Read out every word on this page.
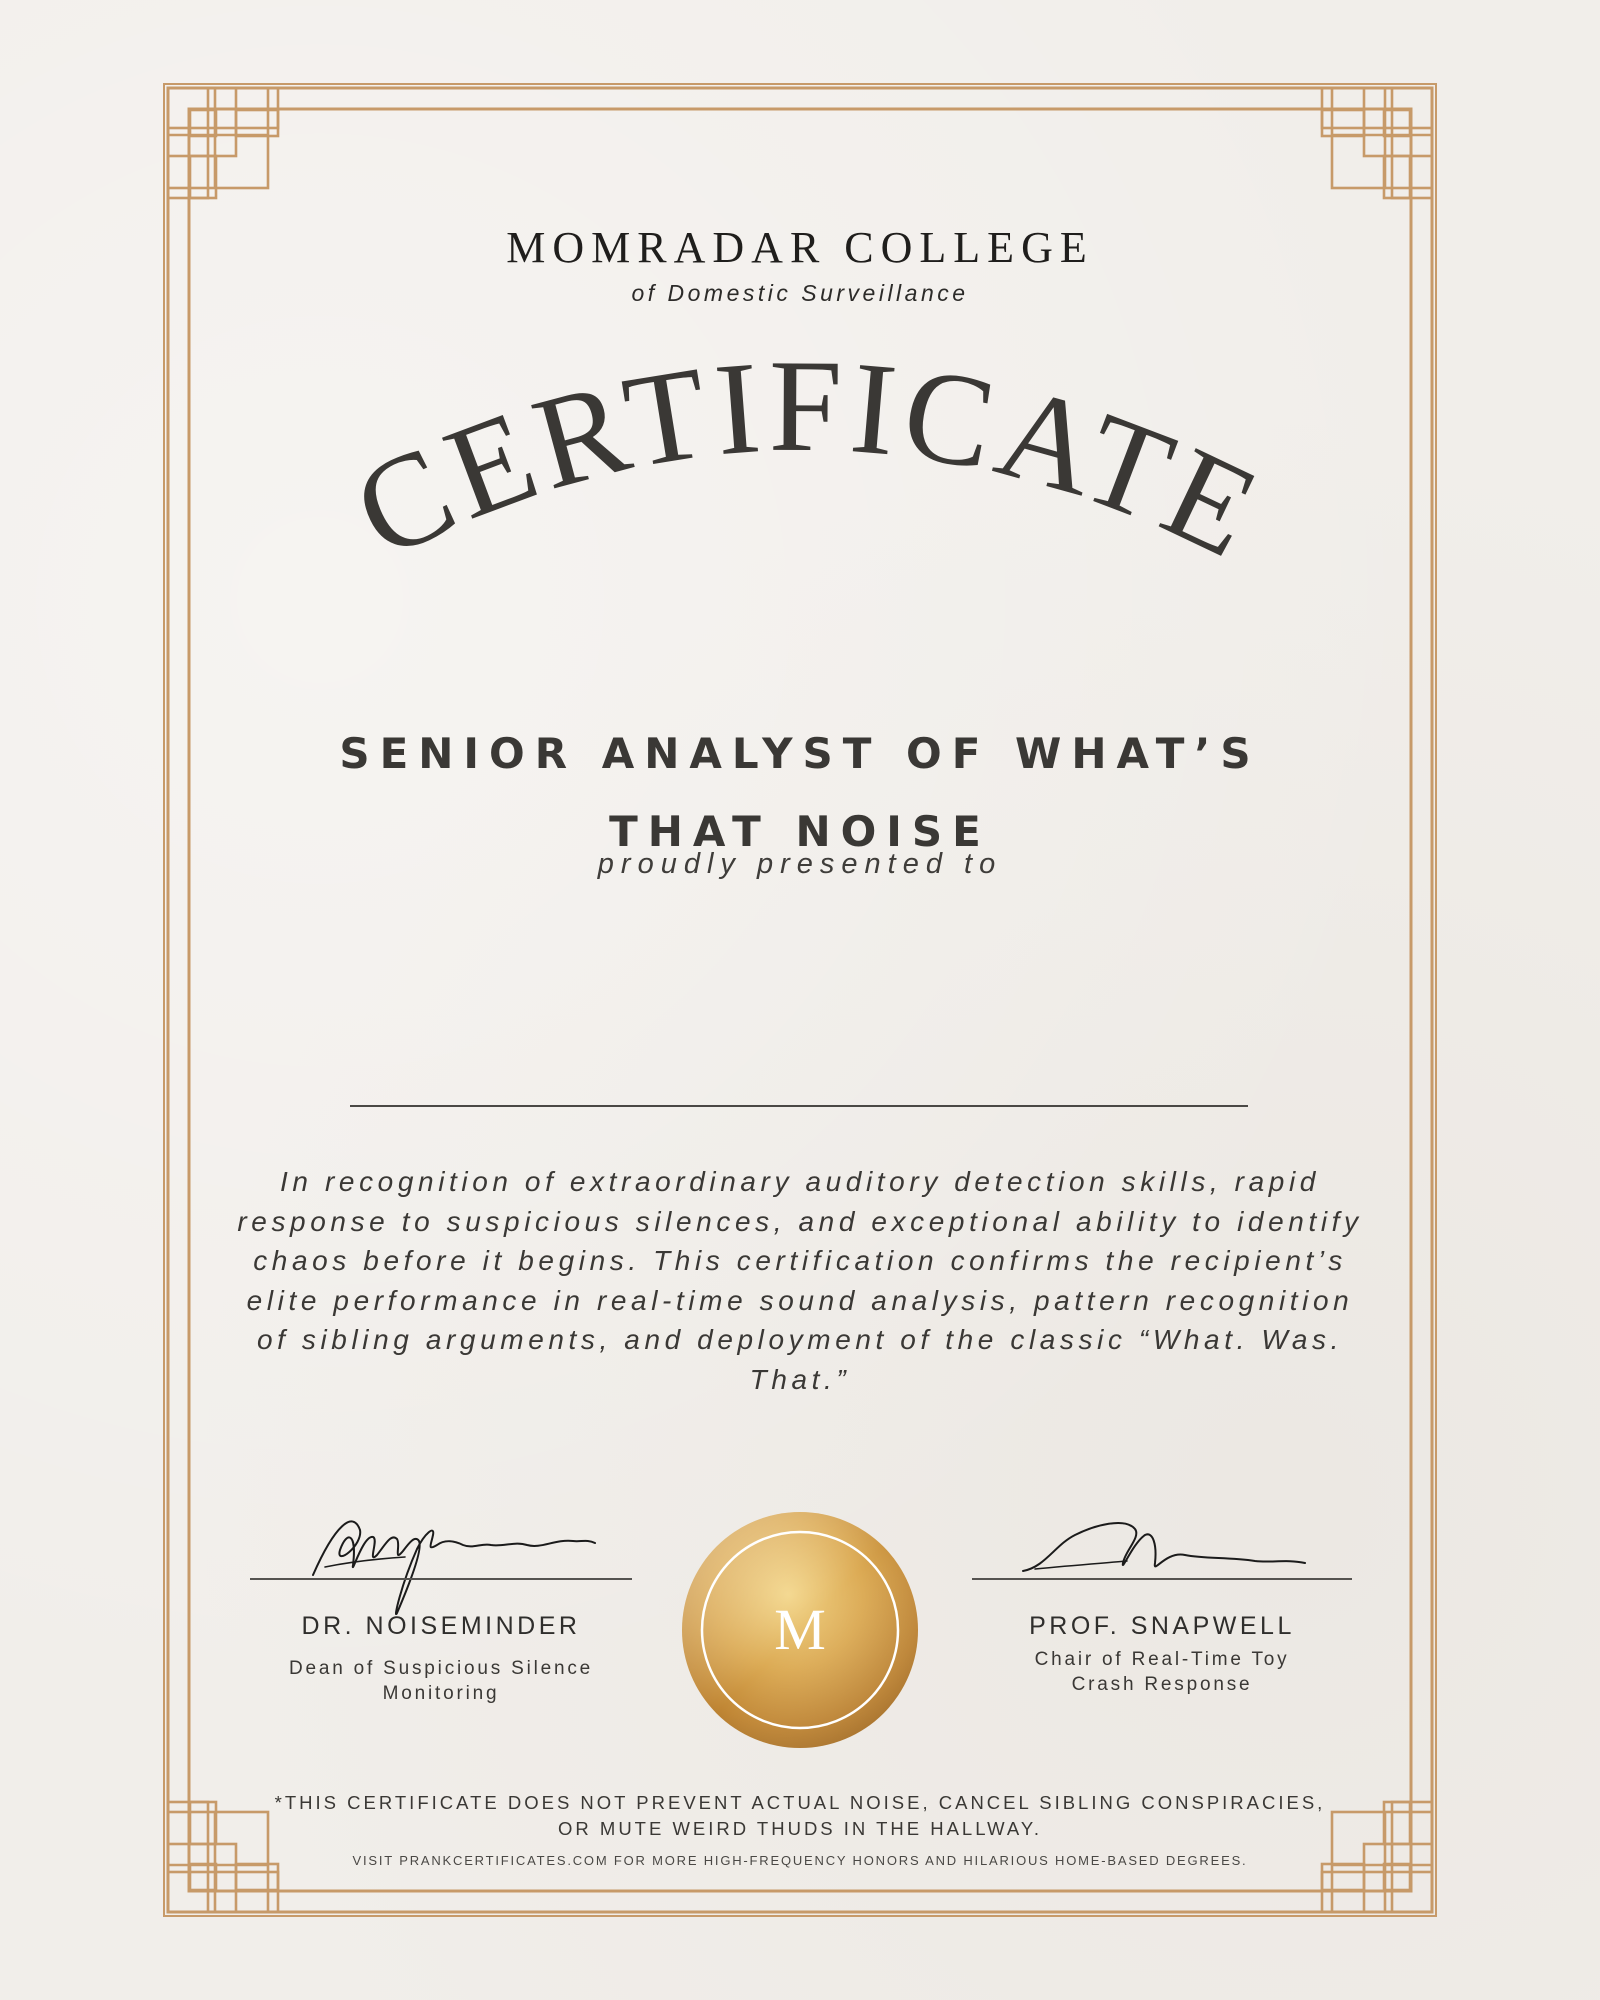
MOMRADAR COLLEGE
of Domestic Surveillance
CERTIFICATE
SENIOR ANALYST OF WHAT’S
THAT NOISE
proudly presented to
In recognition of extraordinary auditory detection skills, rapid response to suspicious silences, and exceptional ability to identify chaos before it begins. This certification confirms the recipient’s elite performance in real-time sound analysis, pattern recognition of sibling arguments, and deployment of the classic “What. Was. That.”
DR. NOISEMINDER
Dean of Suspicious Silence Monitoring
M	PROF. SNAPWELL
Chair of Real-Time Toy Crash Response
*THIS CERTIFICATE DOES NOT PREVENT ACTUAL NOISE, CANCEL SIBLING CONSPIRACIES, OR MUTE WEIRD THUDS IN THE HALLWAY.
VISIT PRANKCERTIFICATES.COM FOR MORE HIGH-FREQUENCY HONORS AND HILARIOUS HOME-BASED DEGREES.
